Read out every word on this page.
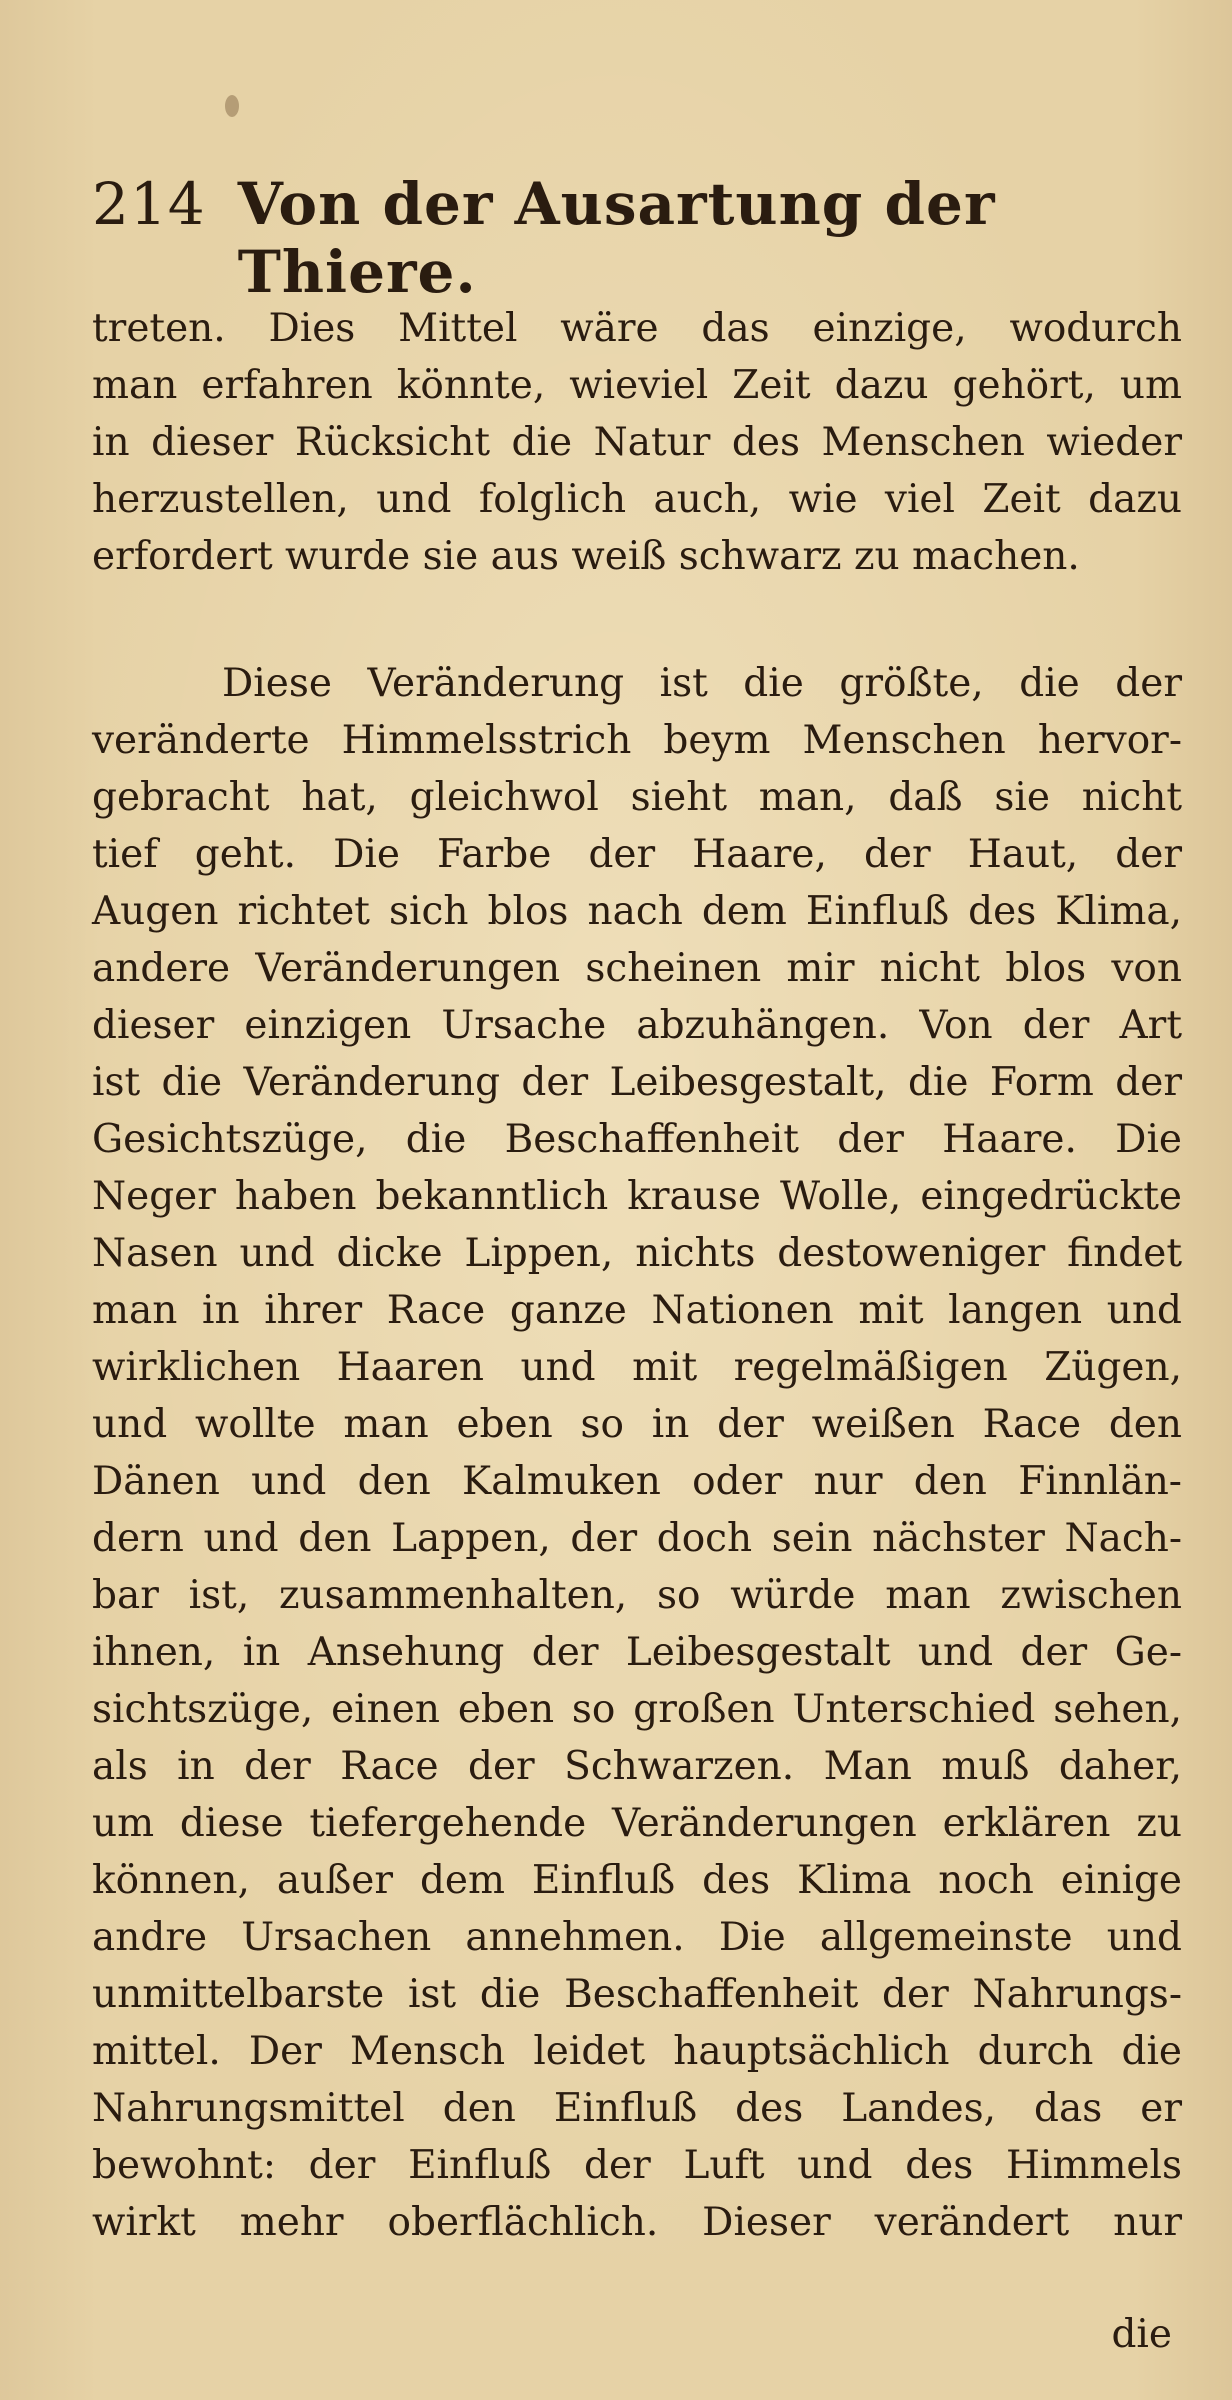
214 Von der Ausartung der Thiere.
treten. Dies Mittel wäre das einzige, wodurch
man erfahren könnte, wieviel Zeit dazu gehört, um
in dieser Rücksicht die Natur des Menschen wieder
herzustellen, und folglich auch, wie viel Zeit dazu
erfordert wurde sie aus weiß schwarz zu machen.
Diese Veränderung ist die größte, die der
veränderte Himmelsstrich beym Menschen hervor-
gebracht hat, gleichwol sieht man, daß sie nicht
tief geht. Die Farbe der Haare, der Haut, der
Augen richtet sich blos nach dem Einfluß des Klima,
andere Veränderungen scheinen mir nicht blos von
dieser einzigen Ursache abzuhängen. Von der Art
ist die Veränderung der Leibesgestalt, die Form der
Gesichtszüge, die Beschaffenheit der Haare. Die
Neger haben bekanntlich krause Wolle, eingedrückte
Nasen und dicke Lippen, nichts destoweniger findet
man in ihrer Race ganze Nationen mit langen und
wirklichen Haaren und mit regelmäßigen Zügen,
und wollte man eben so in der weißen Race den
Dänen und den Kalmuken oder nur den Finnlän-
dern und den Lappen, der doch sein nächster Nach-
bar ist, zusammenhalten, so würde man zwischen
ihnen, in Ansehung der Leibesgestalt und der Ge-
sichtszüge, einen eben so großen Unterschied sehen,
als in der Race der Schwarzen. Man muß daher,
um diese tiefergehende Veränderungen erklären zu
können, außer dem Einfluß des Klima noch einige
andre Ursachen annehmen. Die allgemeinste und
unmittelbarste ist die Beschaffenheit der Nahrungs-
mittel. Der Mensch leidet hauptsächlich durch die
Nahrungsmittel den Einfluß des Landes, das er
bewohnt: der Einfluß der Luft und des Himmels
wirkt mehr oberflächlich. Dieser verändert nur
die
